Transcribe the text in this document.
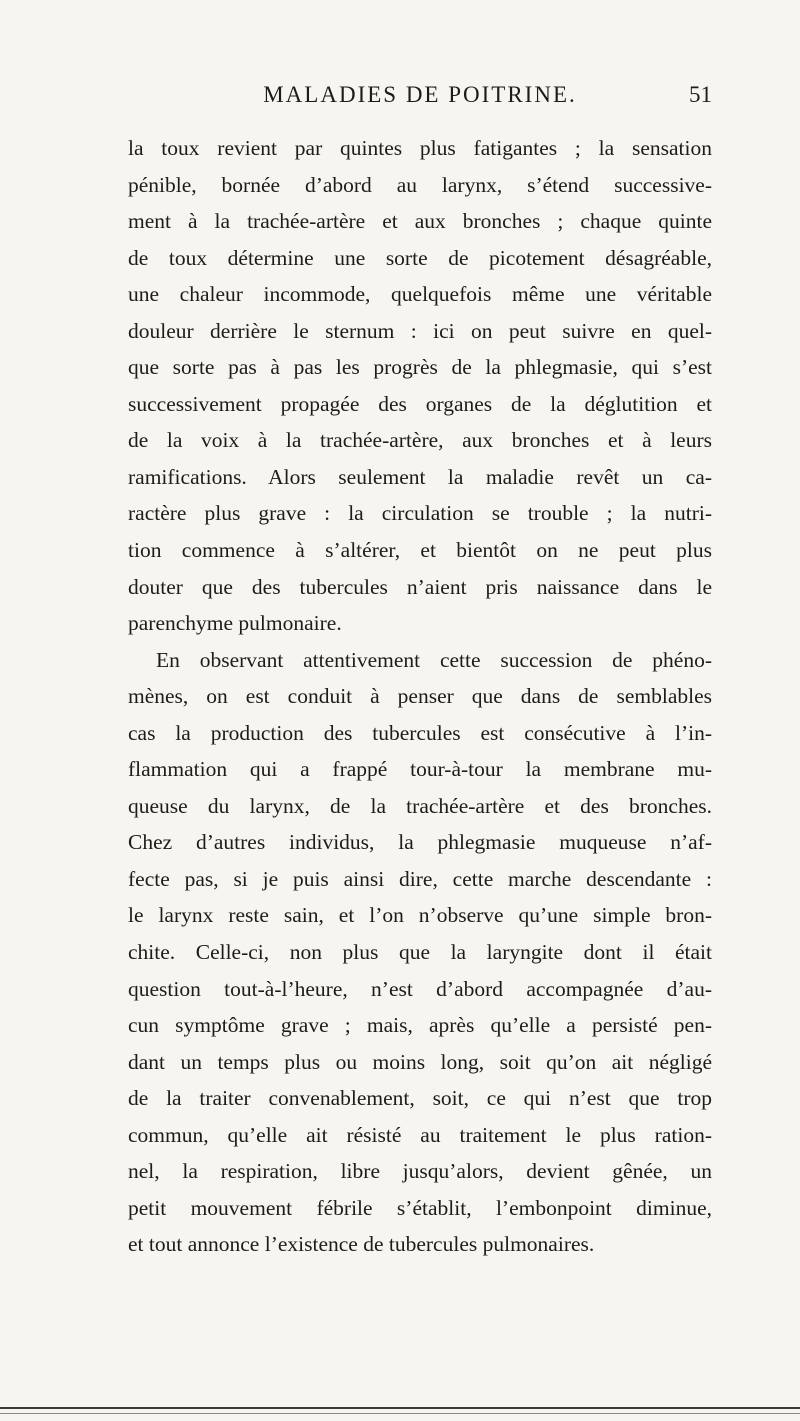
MALADIES DE POITRINE.	51
la toux revient par quintes plus fatigantes ; la sensation
pénible, bornée d’abord au larynx, s’étend successive-
ment à la trachée-artère et aux bronches ; chaque quinte
de toux détermine une sorte de picotement désagréable,
une chaleur incommode, quelquefois même une véritable
douleur derrière le sternum : ici on peut suivre en quel-
que sorte pas à pas les progrès de la phlegmasie, qui s’est
successivement propagée des organes de la déglutition et
de la voix à la trachée-artère, aux bronches et à leurs
ramifications. Alors seulement la maladie revêt un ca-
ractère plus grave : la circulation se trouble ; la nutri-
tion commence à s’altérer, et bientôt on ne peut plus
douter que des tubercules n’aient pris naissance dans le
parenchyme pulmonaire.
En observant attentivement cette succession de phéno-
mènes, on est conduit à penser que dans de semblables
cas la production des tubercules est consécutive à l’in-
flammation qui a frappé tour-à-tour la membrane mu-
queuse du larynx, de la trachée-artère et des bronches.
Chez d’autres individus, la phlegmasie muqueuse n’af-
fecte pas, si je puis ainsi dire, cette marche descendante :
le larynx reste sain, et l’on n’observe qu’une simple bron-
chite. Celle-ci, non plus que la laryngite dont il était
question tout-à-l’heure, n’est d’abord accompagnée d’au-
cun symptôme grave ; mais, après qu’elle a persisté pen-
dant un temps plus ou moins long, soit qu’on ait négligé
de la traiter convenablement, soit, ce qui n’est que trop
commun, qu’elle ait résisté au traitement le plus ration-
nel, la respiration, libre jusqu’alors, devient gênée, un
petit mouvement fébrile s’établit, l’embonpoint diminue,
et tout annonce l’existence de tubercules pulmonaires.
